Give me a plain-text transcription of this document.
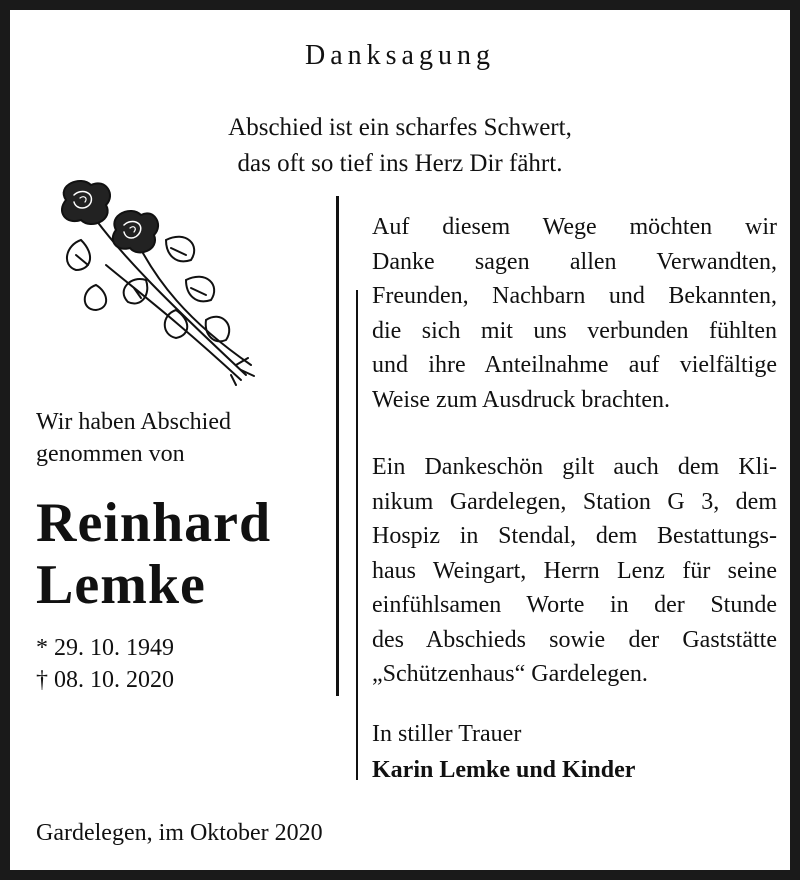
Danksagung
Abschied ist ein scharfes Schwert,
das oft so tief ins Herz Dir fährt.
Wir haben Abschied
genommen von
Reinhard
Lemke
* 29. 10. 1949
† 08. 10. 2020
Auf diesem Wege möchten wir
Danke sagen allen Verwandten,
Freunden, Nachbarn und Bekannten,
die sich mit uns verbunden fühlten
und ihre Anteilnahme auf vielfältige
Weise zum Ausdruck brachten.
Ein Dankeschön gilt auch dem Kli-
nikum Gardelegen, Station G 3, dem
Hospiz in Stendal, dem Bestattungs-
haus Weingart, Herrn Lenz für seine
einfühlsamen Worte in der Stunde
des Abschieds sowie der Gaststätte
„Schützenhaus“ Gardelegen.
In stiller Trauer
Karin Lemke und Kinder
Gardelegen, im Oktober 2020
